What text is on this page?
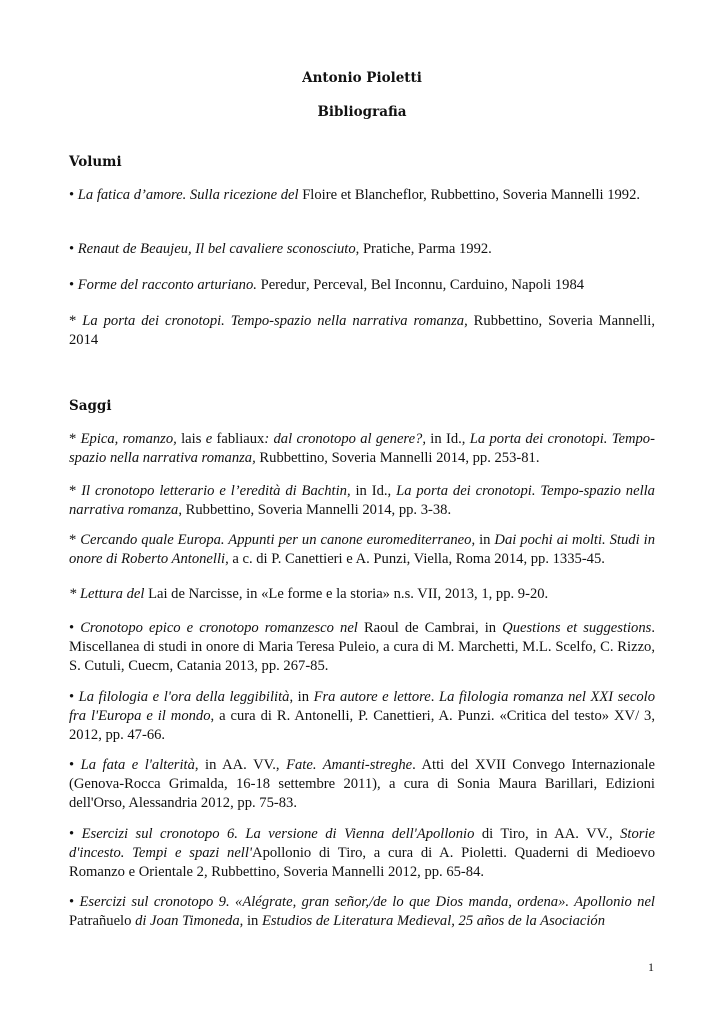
Antonio Pioletti
Bibliografia
Volumi
• La fatica d’amore. Sulla ricezione del Floire et Blancheflor, Rubbettino, Soveria Mannelli 1992.
• Renaut de Beaujeu, Il bel cavaliere sconosciuto, Pratiche, Parma 1992.
• Forme del racconto arturiano. Peredur, Perceval, Bel Inconnu, Carduino, Napoli 1984
* La porta dei cronotopi. Tempo-spazio nella narrativa romanza, Rubbettino, Soveria Mannelli, 2014
Saggi
* Epica, romanzo, lais e fabliaux: dal cronotopo al genere?, in Id., La porta dei cronotopi. Tempo-spazio nella narrativa romanza, Rubbettino, Soveria Mannelli 2014, pp. 253-81.
* Il cronotopo letterario e l’eredità di Bachtin, in Id., La porta dei cronotopi. Tempo-spazio nella narrativa romanza, Rubbettino, Soveria Mannelli 2014, pp. 3-38.
* Cercando quale Europa. Appunti per un canone euromediterraneo, in Dai pochi ai molti. Studi in onore di Roberto Antonelli, a c. di P. Canettieri e A. Punzi, Viella, Roma 2014, pp. 1335-45.
* Lettura del Lai de Narcisse, in «Le forme e la storia» n.s. VII, 2013, 1, pp. 9-20.
• Cronotopo epico e cronotopo romanzesco nel Raoul de Cambrai, in Questions et suggestions. Miscellanea di studi in onore di Maria Teresa Puleio, a cura di M. Marchetti, M.L. Scelfo, C. Rizzo, S. Cutuli, Cuecm, Catania 2013, pp. 267-85.
• La filologia e l'ora della leggibilità, in Fra autore e lettore. La filologia romanza nel XXI secolo fra l'Europa e il mondo, a cura di R. Antonelli, P. Canettieri, A. Punzi. «Critica del testo» XV/ 3, 2012, pp. 47-66.
• La fata e l'alterità, in AA. VV., Fate. Amanti-streghe. Atti del XVII Convego Internazionale (Genova-Rocca Grimalda, 16-18 settembre 2011), a cura di Sonia Maura Barillari, Edizioni dell'Orso, Alessandria 2012, pp. 75-83.
• Esercizi sul cronotopo 6. La versione di Vienna dell'Apollonio di Tiro, in AA. VV., Storie d'incesto. Tempi e spazi nell'Apollonio di Tiro, a cura di A. Pioletti. Quaderni di Medioevo Romanzo e Orientale 2, Rubbettino, Soveria Mannelli 2012, pp. 65-84.
• Esercizi sul cronotopo 9. «Alégrate, gran señor,/de lo que Dios manda, ordena». Apollonio nel Patrañuelo di Joan Timoneda, in Estudios de Literatura Medieval, 25 años de la Asociación
1
